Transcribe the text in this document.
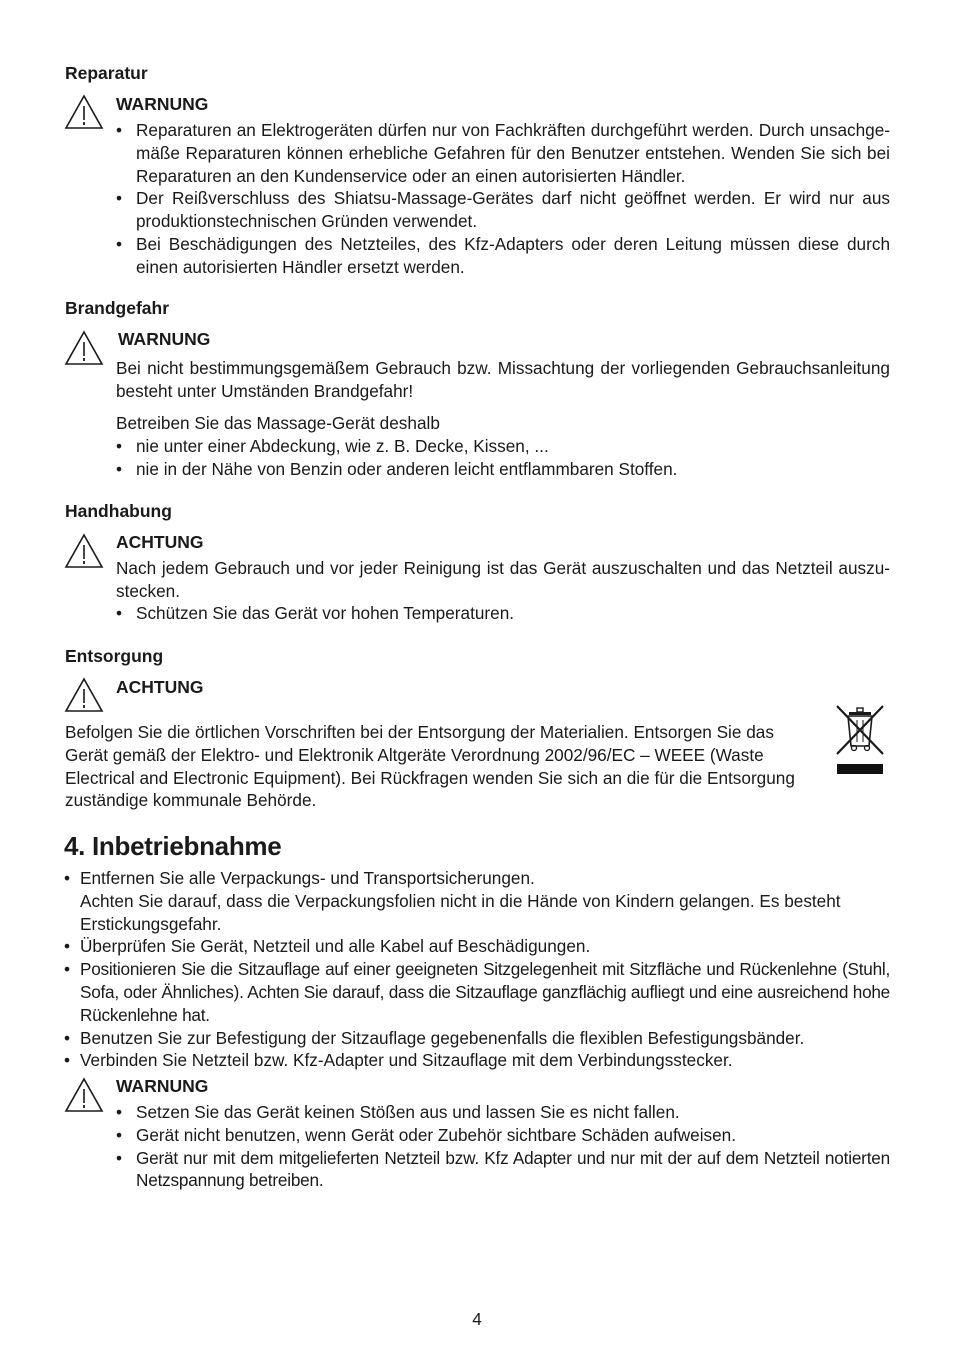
Reparatur
WARNUNG
• Reparaturen an Elektrogeräten dürfen nur von Fachkräften durchgeführt werden. Durch unsachge-mäße Reparaturen können erhebliche Gefahren für den Benutzer entstehen. Wenden Sie sich bei Reparaturen an den Kundenservice oder an einen autorisierten Händler.
• Der Reißverschluss des Shiatsu-Massage-Gerätes darf nicht geöffnet werden. Er wird nur aus produktionstechnischen Gründen verwendet.
• Bei Beschädigungen des Netzteiles, des Kfz-Adapters oder deren Leitung müssen diese durch einen autorisierten Händler ersetzt werden.
Brandgefahr
WARNUNG
Bei nicht bestimmungsgemäßem Gebrauch bzw. Missachtung der vorliegenden Gebrauchsanleitung besteht unter Umständen Brandgefahr!
Betreiben Sie das Massage-Gerät deshalb
• nie unter einer Abdeckung, wie z. B. Decke, Kissen, ...
• nie in der Nähe von Benzin oder anderen leicht entflammbaren Stoffen.
Handhabung
ACHTUNG
Nach jedem Gebrauch und vor jeder Reinigung ist das Gerät auszuschalten und das Netzteil auszu-stecken.
• Schützen Sie das Gerät vor hohen Temperaturen.
Entsorgung
ACHTUNG
Befolgen Sie die örtlichen Vorschriften bei der Entsorgung der Materialien. Entsorgen Sie das Gerät gemäß der Elektro- und Elektronik Altgeräte Verordnung 2002/96/EC – WEEE (Waste Electrical and Electronic Equipment). Bei Rückfragen wenden Sie sich an die für die Entsorgung zuständige kommunale Behörde.
4. Inbetriebnahme
• Entfernen Sie alle Verpackungs- und Transportsicherungen.
Achten Sie darauf, dass die Verpackungsfolien nicht in die Hände von Kindern gelangen. Es besteht Erstickungsgefahr.
• Überprüfen Sie Gerät, Netzteil und alle Kabel auf Beschädigungen.
• Positionieren Sie die Sitzauflage auf einer geeigneten Sitzgelegenheit mit Sitzfläche und Rückenlehne (Stuhl, Sofa, oder Ähnliches). Achten Sie darauf, dass die Sitzauflage ganzflächig aufliegt und eine ausreichend hohe Rückenlehne hat.
• Benutzen Sie zur Befestigung der Sitzauflage gegebenenfalls die flexiblen Befestigungsbänder.
• Verbinden Sie Netzteil bzw. Kfz-Adapter und Sitzauflage mit dem Verbindungsstecker.
WARNUNG
• Setzen Sie das Gerät keinen Stößen aus und lassen Sie es nicht fallen.
• Gerät nicht benutzen, wenn Gerät oder Zubehör sichtbare Schäden aufweisen.
• Gerät nur mit dem mitgelieferten Netzteil bzw. Kfz Adapter und nur mit der auf dem Netzteil notierten Netzspannung betreiben.
4
